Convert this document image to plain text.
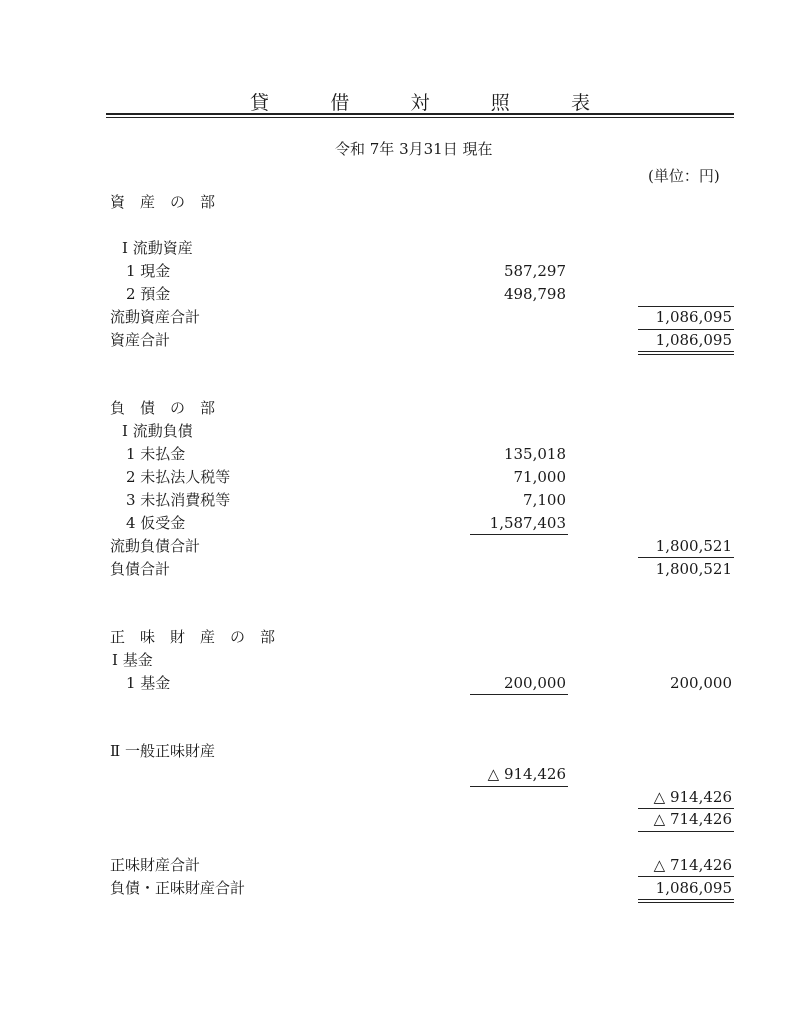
貸	借	対	照	表
令和 7年 3月31日 現在
(単位：円)
資　産　の　部
Ⅰ 流動資産
1 現金	587,297
2 預金	498,798
流動資産合計	1,086,095
資産合計	1,086,095
負　債　の　部
Ⅰ 流動負債
1 未払金	135,018
2 未払法人税等	71,000
3 未払消費税等	7,100
4 仮受金	1,587,403
流動負債合計	1,800,521
負債合計	1,800,521
正　味　財　産　の　部
Ⅰ 基金
1 基金	200,000	200,000
Ⅱ 一般正味財産
△ 914,426
△ 914,426
△ 714,426
正味財産合計	△ 714,426
負債・正味財産合計	1,086,095
